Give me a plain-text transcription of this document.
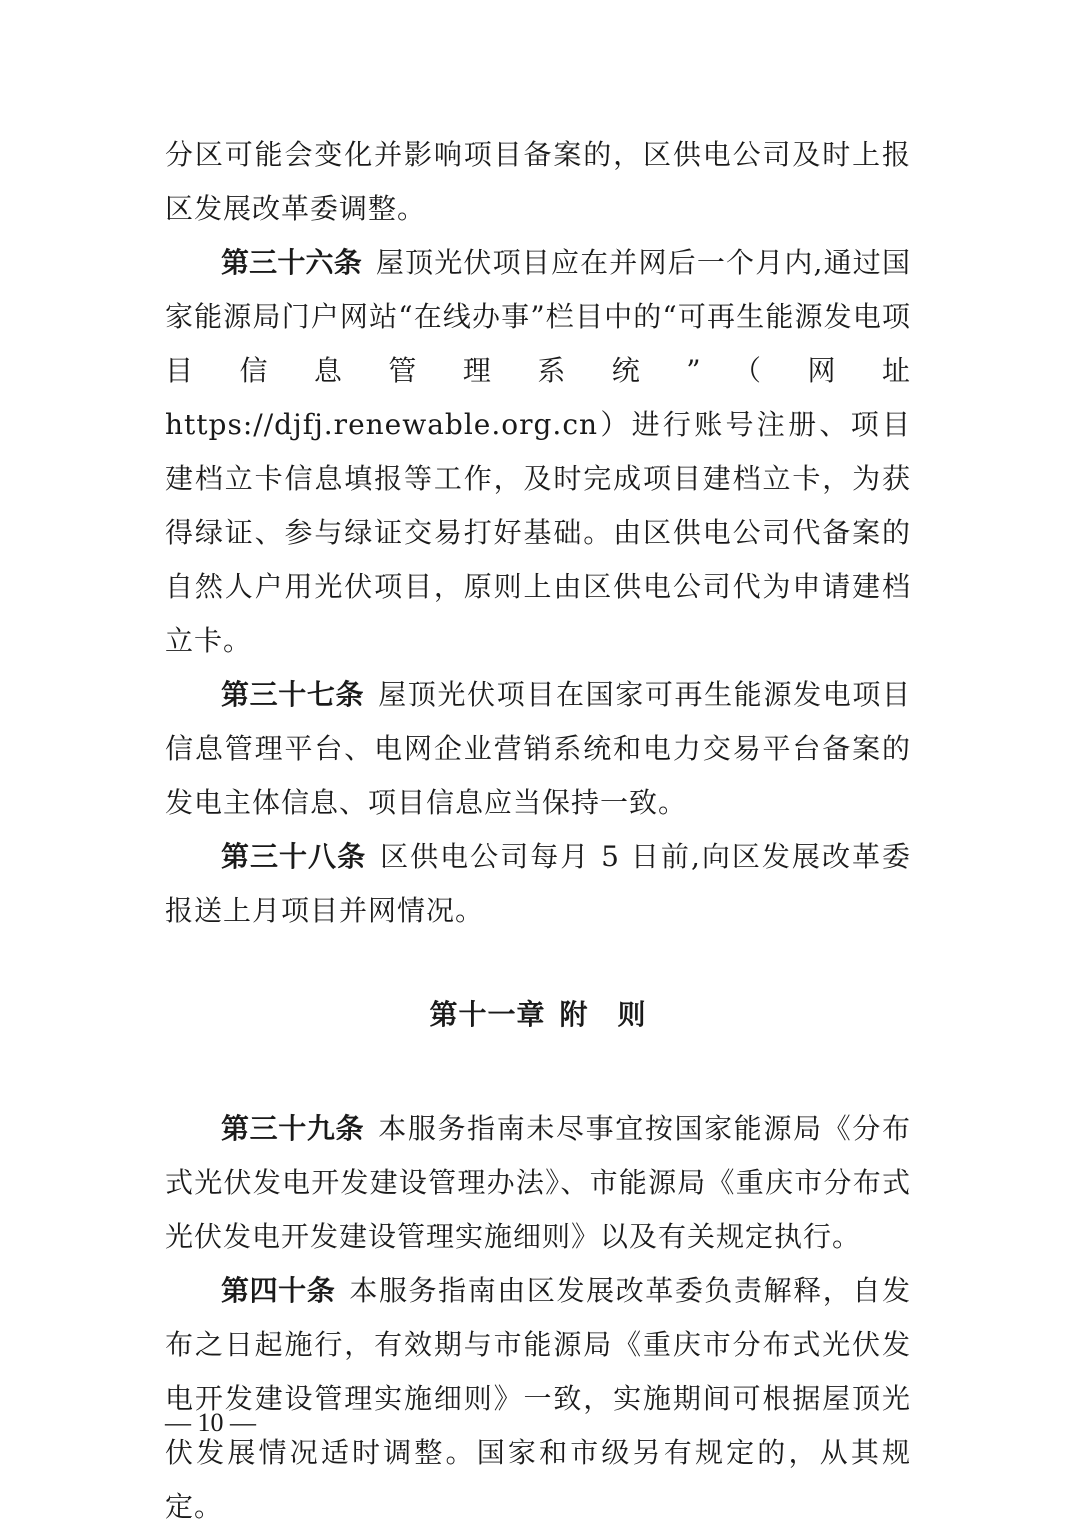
分区可能会变化并影响项目备案的，区供电公司及时上报区发展改革委调整。

第三十六条 屋顶光伏项目应在并网后一个月内,通过国家能源局门户网站“在线办事”栏目中的“可再生能源发电项目信息管理系统”（网址 https://djfj.renewable.org.cn）进行账号注册、项目建档立卡信息填报等工作，及时完成项目建档立卡，为获得绿证、参与绿证交易打好基础。由区供电公司代备案的自然人户用光伏项目，原则上由区供电公司代为申请建档立卡。

第三十七条 屋顶光伏项目在国家可再生能源发电项目信息管理平台、电网企业营销系统和电力交易平台备案的发电主体信息、项目信息应当保持一致。

第三十八条 区供电公司每月 5 日前,向区发展改革委报送上月项目并网情况。

第十一章 附　则

第三十九条 本服务指南未尽事宜按国家能源局《分布式光伏发电开发建设管理办法》、市能源局《重庆市分布式光伏发电开发建设管理实施细则》以及有关规定执行。

第四十条 本服务指南由区发展改革委负责解释，自发布之日起施行，有效期与市能源局《重庆市分布式光伏发电开发建设管理实施细则》一致，实施期间可根据屋顶光伏发展情况适时调整。国家和市级另有规定的，从其规定。

— 10 —
